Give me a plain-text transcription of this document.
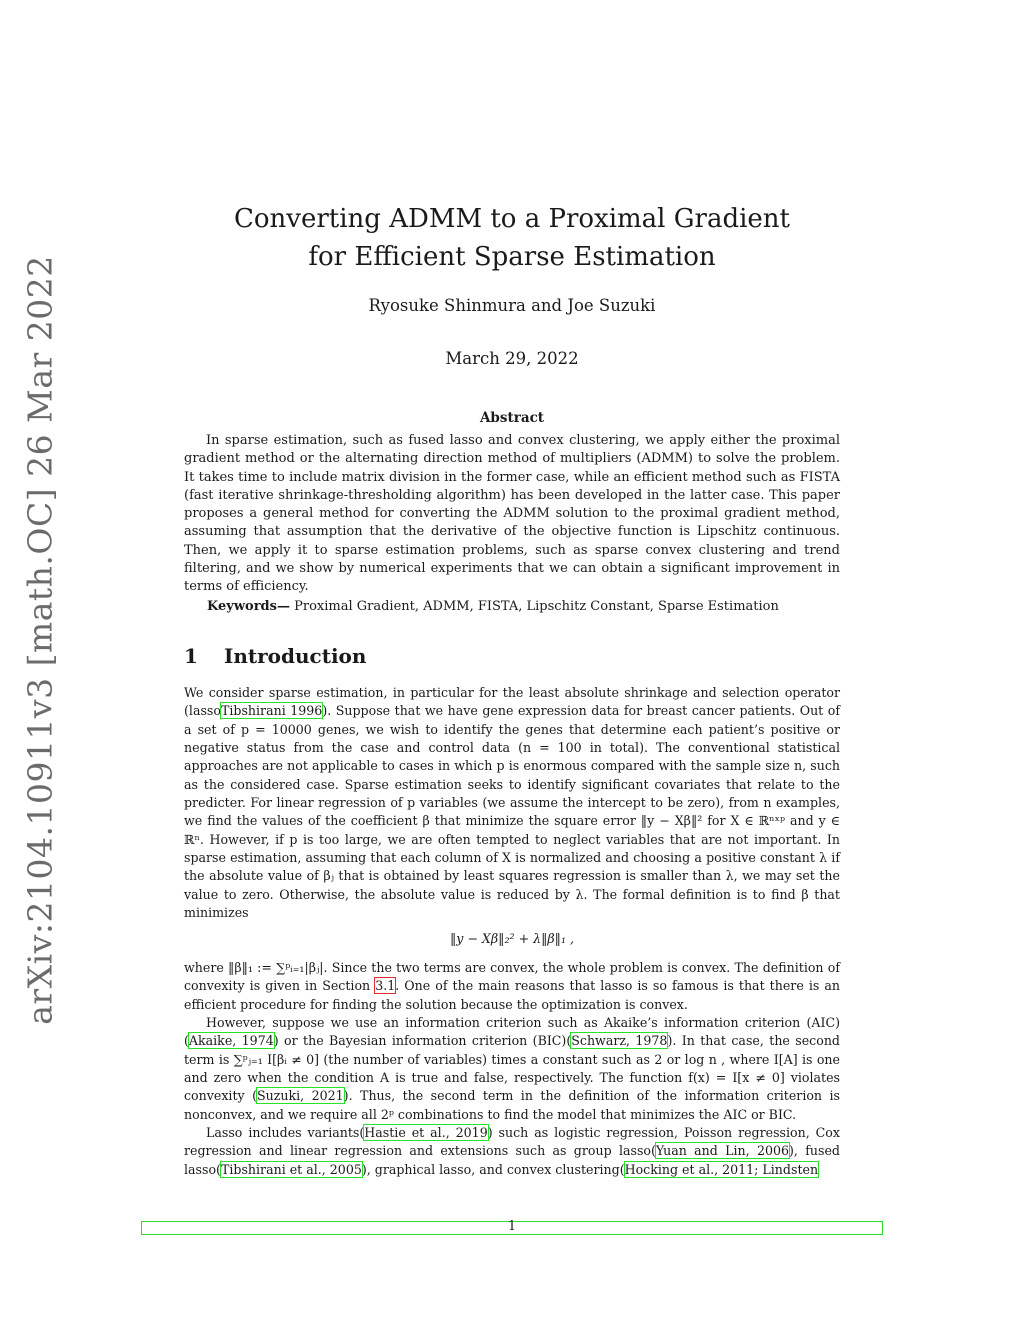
arXiv:2104.10911v3 [math.OC] 26 Mar 2022
Converting ADMM to a Proximal Gradient
for Efficient Sparse Estimation
Ryosuke Shinmura and Joe Suzuki
March 29, 2022
Abstract

In sparse estimation, such as fused lasso and convex clustering, we apply either the proximal gradient method or the alternating direction method of multipliers (ADMM) to solve the problem. It takes time to include matrix division in the former case, while an efficient method such as FISTA (fast iterative shrinkage-thresholding algorithm) has been developed in the latter case. This paper proposes a general method for converting the ADMM solution to the proximal gradient method, assuming that assumption that the derivative of the objective function is Lipschitz continuous. Then, we apply it to sparse estimation problems, such as sparse convex clustering and trend filtering, and we show by numerical experiments that we can obtain a significant improvement in terms of efficiency.

Keywords— Proximal Gradient, ADMM, FISTA, Lipschitz Constant, Sparse Estimation
1 Introduction

We consider sparse estimation, in particular for the least absolute shrinkage and selection operator (lassoTibshirani 1996). Suppose that we have gene expression data for breast cancer patients. Out of a set of p = 10000 genes, we wish to identify the genes that determine each patient’s positive or negative status from the case and control data (n = 100 in total). The conventional statistical approaches are not applicable to cases in which p is enormous compared with the sample size n, such as the considered case. Sparse estimation seeks to identify significant covariates that relate to the predicter. For linear regression of p variables (we assume the intercept to be zero), from n examples, we find the values of the coefficient β that minimize the square error ‖y − Xβ‖² for X ∈ ℝⁿˣᵖ and y ∈ ℝⁿ. However, if p is too large, we are often tempted to neglect variables that are not important. In sparse estimation, assuming that each column of X is normalized and choosing a positive constant λ if the absolute value of βⱼ that is obtained by least squares regression is smaller than λ, we may set the value to zero. Otherwise, the absolute value is reduced by λ. The formal definition is to find β that minimizes

‖y − Xβ‖₂² + λ‖β‖₁ ,

where ‖β‖₁ := ∑ᵖᵢ₌₁|βⱼ|. Since the two terms are convex, the whole problem is convex. The definition of convexity is given in Section 3.1. One of the main reasons that lasso is so famous is that there is an efficient procedure for finding the solution because the optimization is convex.

However, suppose we use an information criterion such as Akaike’s information criterion (AIC)(Akaike, 1974) or the Bayesian information criterion (BIC)(Schwarz, 1978). In that case, the second term is ∑ᵖⱼ₌₁ I[βᵢ ≠ 0] (the number of variables) times a constant such as 2 or log n , where I[A] is one and zero when the condition A is true and false, respectively. The function f(x) = I[x ≠ 0] violates convexity (Suzuki, 2021). Thus, the second term in the definition of the information criterion is nonconvex, and we require all 2ᵖ combinations to find the model that minimizes the AIC or BIC.

Lasso includes variants(Hastie et al., 2019) such as logistic regression, Poisson regression, Cox regression and linear regression and extensions such as group lasso(Yuan and Lin, 2006), fused lasso(Tibshirani et al., 2005), graphical lasso, and convex clustering(Hocking et al., 2011; Lindsten

1
